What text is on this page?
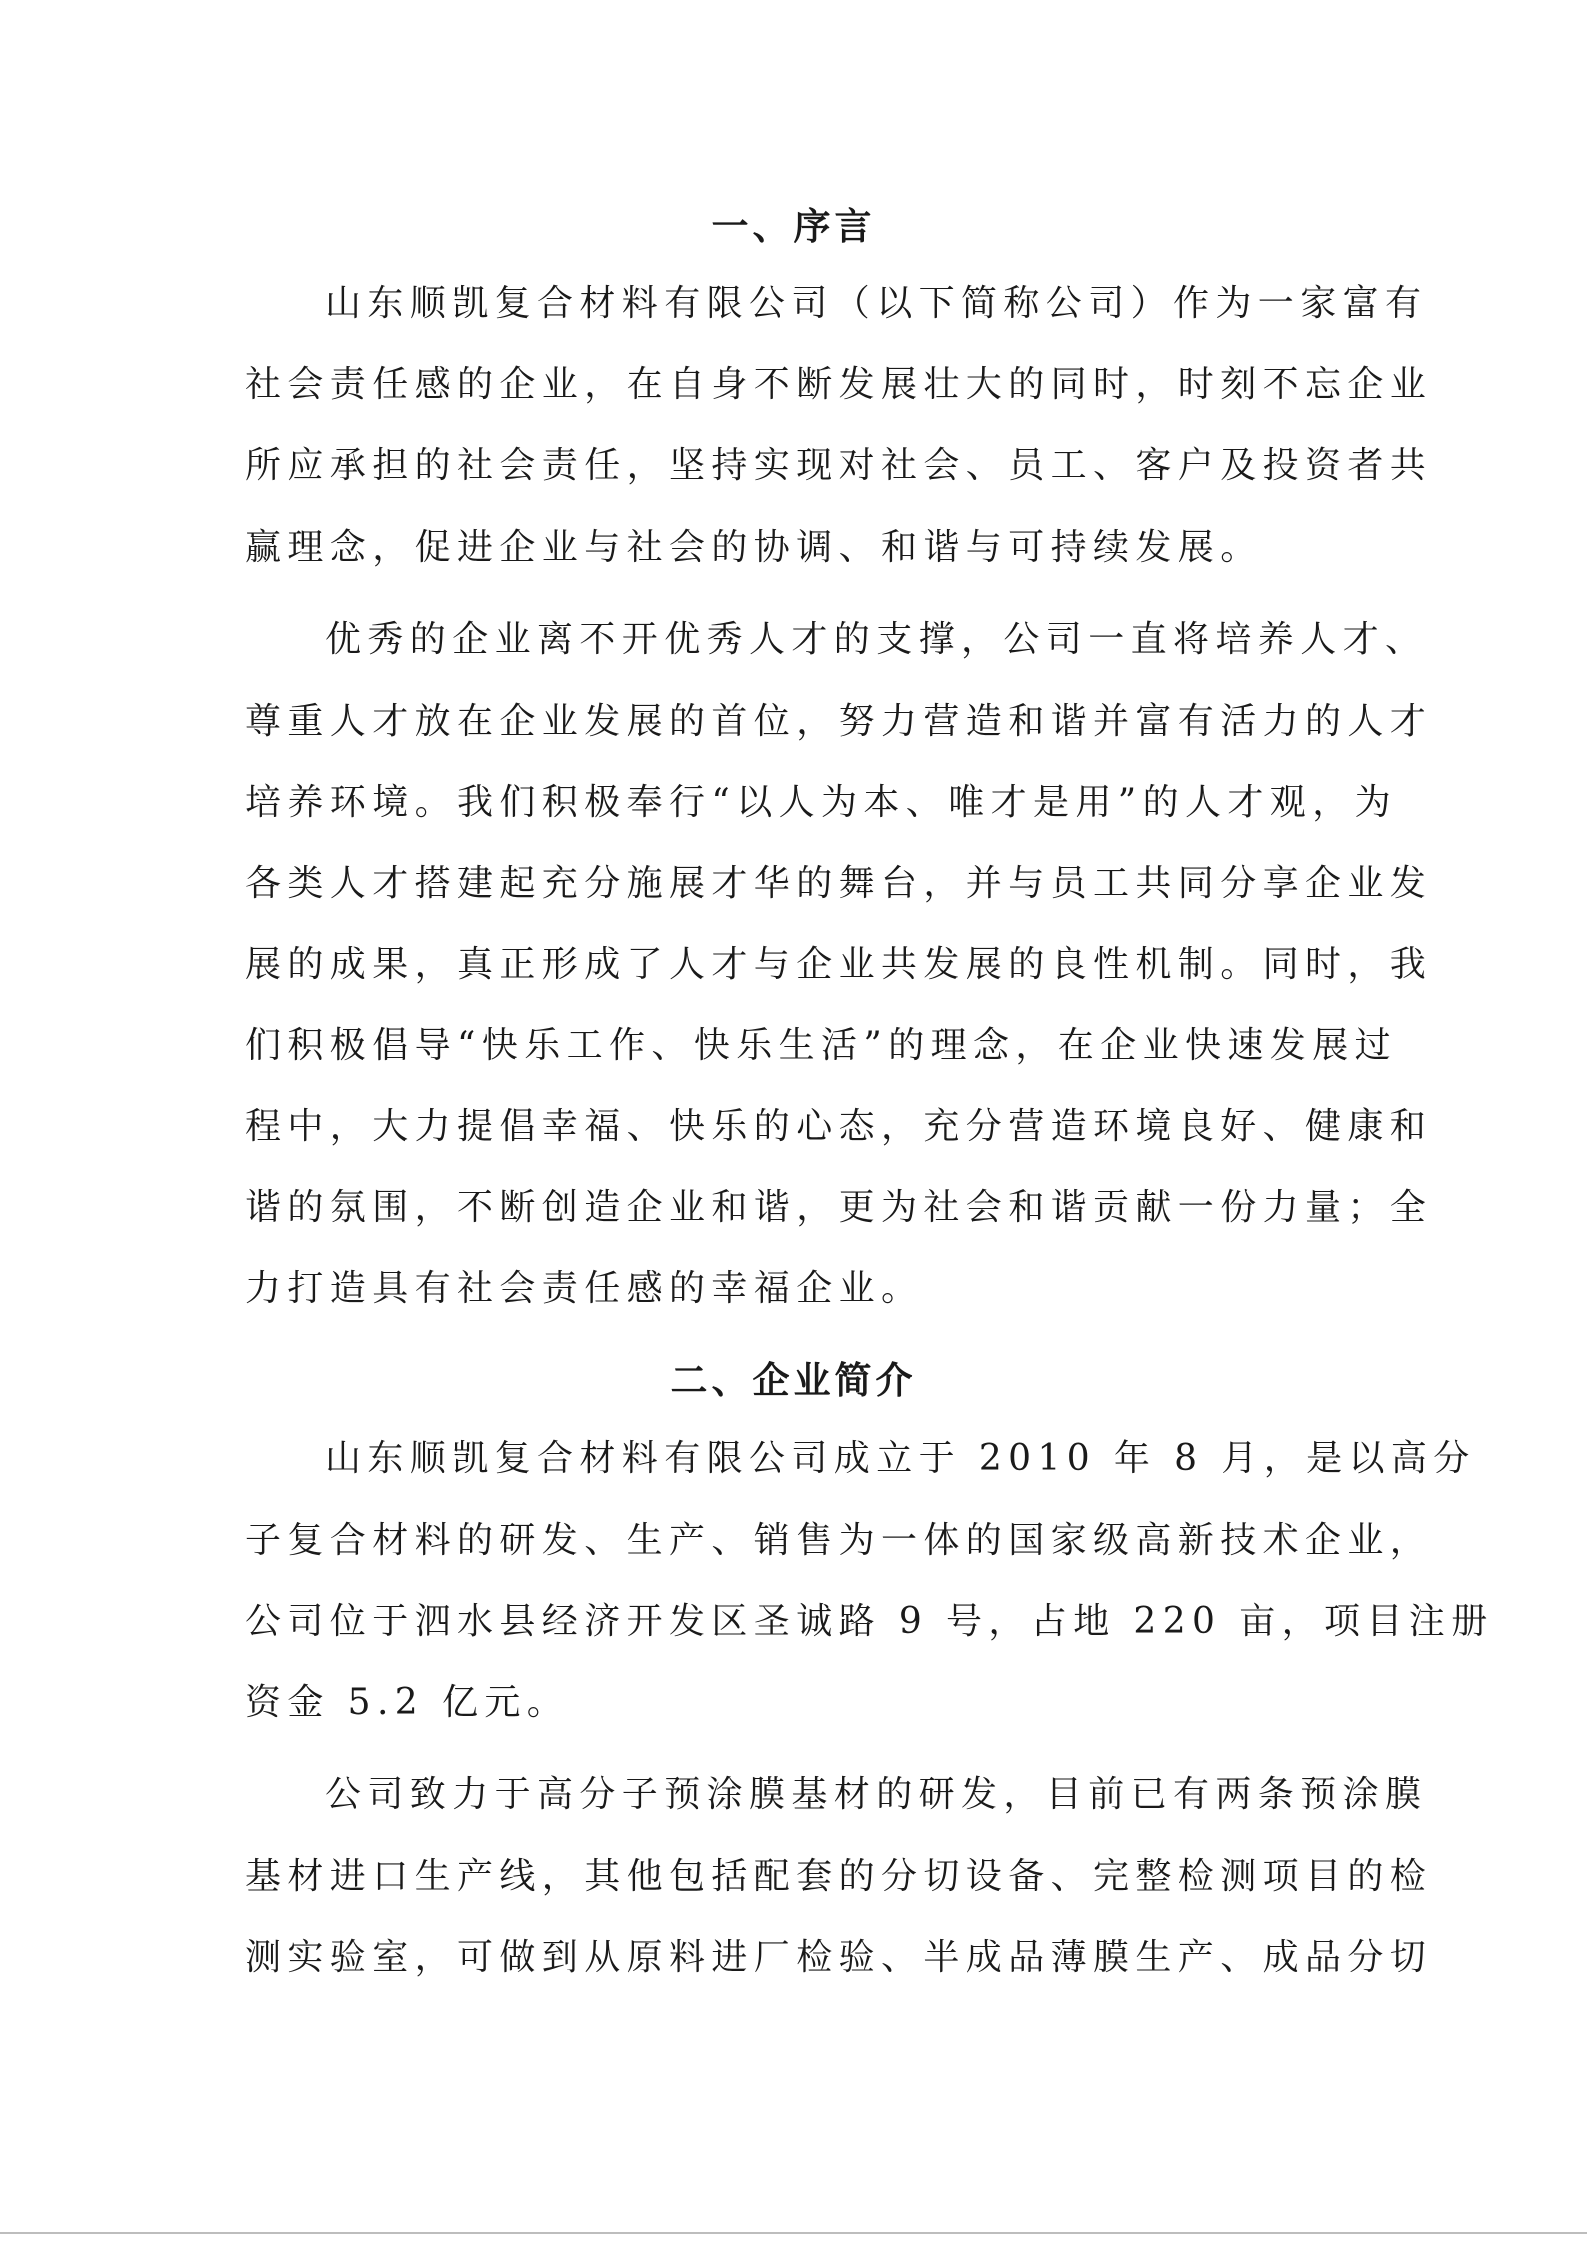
一、序言
山东顺凯复合材料有限公司（以下简称公司）作为一家富有
社会责任感的企业，在自身不断发展壮大的同时，时刻不忘企业
所应承担的社会责任，坚持实现对社会、员工、客户及投资者共
赢理念，促进企业与社会的协调、和谐与可持续发展。
优秀的企业离不开优秀人才的支撑，公司一直将培养人才、
尊重人才放在企业发展的首位，努力营造和谐并富有活力的人才
培养环境。我们积极奉行“以人为本、唯才是用”的人才观，为
各类人才搭建起充分施展才华的舞台，并与员工共同分享企业发
展的成果，真正形成了人才与企业共发展的良性机制。同时，我
们积极倡导“快乐工作、快乐生活”的理念，在企业快速发展过
程中，大力提倡幸福、快乐的心态，充分营造环境良好、健康和
谐的氛围，不断创造企业和谐，更为社会和谐贡献一份力量；全
力打造具有社会责任感的幸福企业。
二、企业简介
山东顺凯复合材料有限公司成立于 2010 年 8 月，是以高分
子复合材料的研发、生产、销售为一体的国家级高新技术企业，
公司位于泗水县经济开发区圣诚路 9 号，占地 220 亩，项目注册
资金 5.2 亿元。
公司致力于高分子预涂膜基材的研发，目前已有两条预涂膜
基材进口生产线，其他包括配套的分切设备、完整检测项目的检
测实验室，可做到从原料进厂检验、半成品薄膜生产、成品分切
